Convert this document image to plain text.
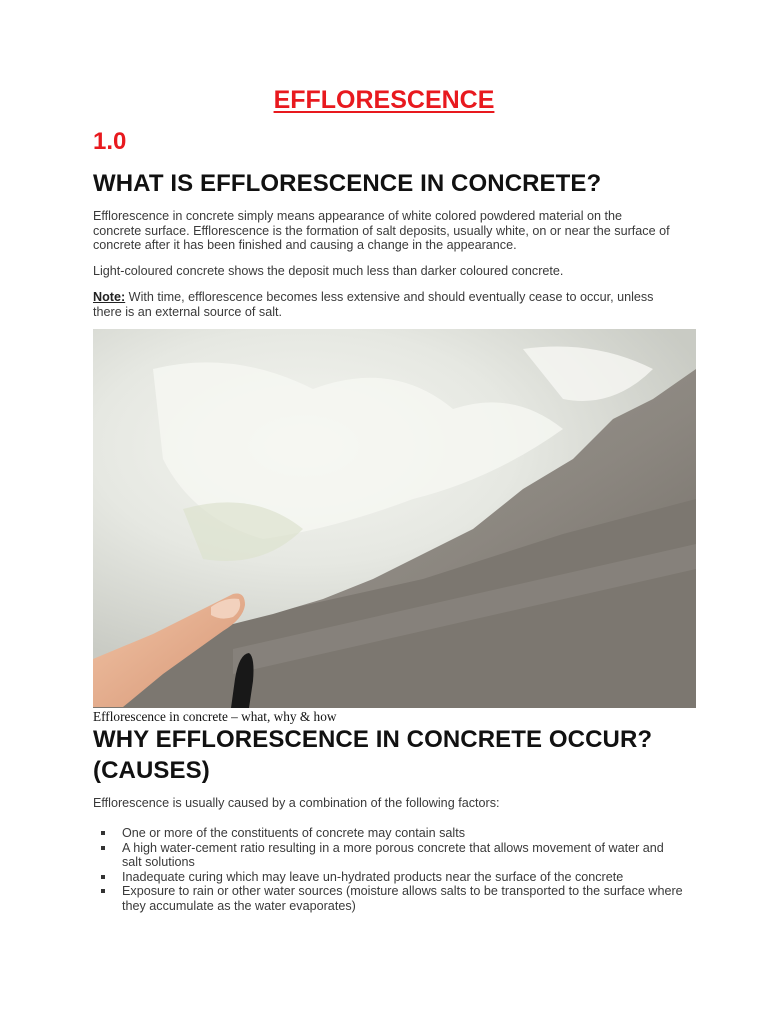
EFFLORESCENCE
1.0
WHAT IS EFFLORESCENCE IN CONCRETE?

Efflorescence in concrete simply means appearance of white colored powdered material on the concrete surface. Efflorescence is the formation of salt deposits, usually white, on or near the surface of concrete after it has been finished and causing a change in the appearance.

Light-coloured concrete shows the deposit much less than darker coloured concrete.

Note: With time, efflorescence becomes less extensive and should eventually cease to occur, unless there is an external source of salt.

Efflorescence in concrete – what, why & how

WHY EFFLORESCENCE IN CONCRETE OCCUR? (CAUSES)

Efflorescence is usually caused by a combination of the following factors:

One or more of the constituents of concrete may contain salts
A high water-cement ratio resulting in a more porous concrete that allows movement of water and salt solutions
Inadequate curing which may leave un-hydrated products near the surface of the concrete
Exposure to rain or other water sources (moisture allows salts to be transported to the surface where they accumulate as the water evaporates)
